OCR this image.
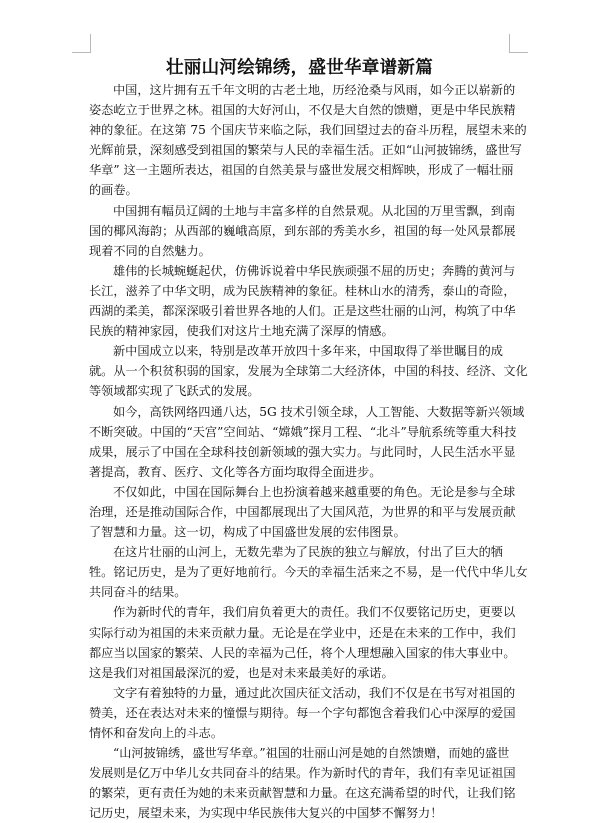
壮丽山河绘锦绣，盛世华章谱新篇
中国，这片拥有五千年文明的古老土地，历经沧桑与风雨，如今正以崭新的
姿态屹立于世界之林。祖国的大好河山，不仅是大自然的馈赠，更是中华民族精
神的象征。在这第 75 个国庆节来临之际，我们回望过去的奋斗历程，展望未来的
光辉前景，深刻感受到祖国的繁荣与人民的幸福生活。正如“山河披锦绣，盛世写
华章” 这一主题所表达，祖国的自然美景与盛世发展交相辉映，形成了一幅壮丽
的画卷。
中国拥有幅员辽阔的土地与丰富多样的自然景观。从北国的万里雪飘，到南
国的椰风海韵；从西部的巍峨高原，到东部的秀美水乡，祖国的每一处风景都展
现着不同的自然魅力。
雄伟的长城蜿蜒起伏，仿佛诉说着中华民族顽强不屈的历史；奔腾的黄河与
长江，滋养了中华文明，成为民族精神的象征。桂林山水的清秀，泰山的奇险，
西湖的柔美，都深深吸引着世界各地的人们。正是这些壮丽的山河，构筑了中华
民族的精神家园，使我们对这片土地充满了深厚的情感。
新中国成立以来，特别是改革开放四十多年来，中国取得了举世瞩目的成
就。从一个积贫积弱的国家，发展为全球第二大经济体，中国的科技、经济、文化
等领域都实现了飞跃式的发展。
如今，高铁网络四通八达，5G 技术引领全球，人工智能、大数据等新兴领域
不断突破。中国的“天宫”空间站、“嫦娥”探月工程、“北斗”导航系统等重大科技
成果，展示了中国在全球科技创新领域的强大实力。与此同时，人民生活水平显
著提高，教育、医疗、文化等各方面均取得全面进步。
不仅如此，中国在国际舞台上也扮演着越来越重要的角色。无论是参与全球
治理，还是推动国际合作，中国都展现出了大国风范，为世界的和平与发展贡献
了智慧和力量。这一切，构成了中国盛世发展的宏伟图景。
在这片壮丽的山河上，无数先辈为了民族的独立与解放，付出了巨大的牺
牲。铭记历史，是为了更好地前行。今天的幸福生活来之不易，是一代代中华儿女
共同奋斗的结果。
作为新时代的青年，我们肩负着更大的责任。我们不仅要铭记历史，更要以
实际行动为祖国的未来贡献力量。无论是在学业中，还是在未来的工作中，我们
都应当以国家的繁荣、人民的幸福为己任，将个人理想融入国家的伟大事业中。
这是我们对祖国最深沉的爱，也是对未来最美好的承诺。
文字有着独特的力量，通过此次国庆征文活动，我们不仅是在书写对祖国的
赞美，还在表达对未来的憧憬与期待。每一个字句都饱含着我们心中深厚的爱国
情怀和奋发向上的斗志。
“山河披锦绣，盛世写华章。”祖国的壮丽山河是她的自然馈赠，而她的盛世
发展则是亿万中华儿女共同奋斗的结果。作为新时代的青年，我们有幸见证祖国
的繁荣，更有责任为她的未来贡献智慧和力量。在这充满希望的时代，让我们铭
记历史，展望未来，为实现中华民族伟大复兴的中国梦不懈努力！
